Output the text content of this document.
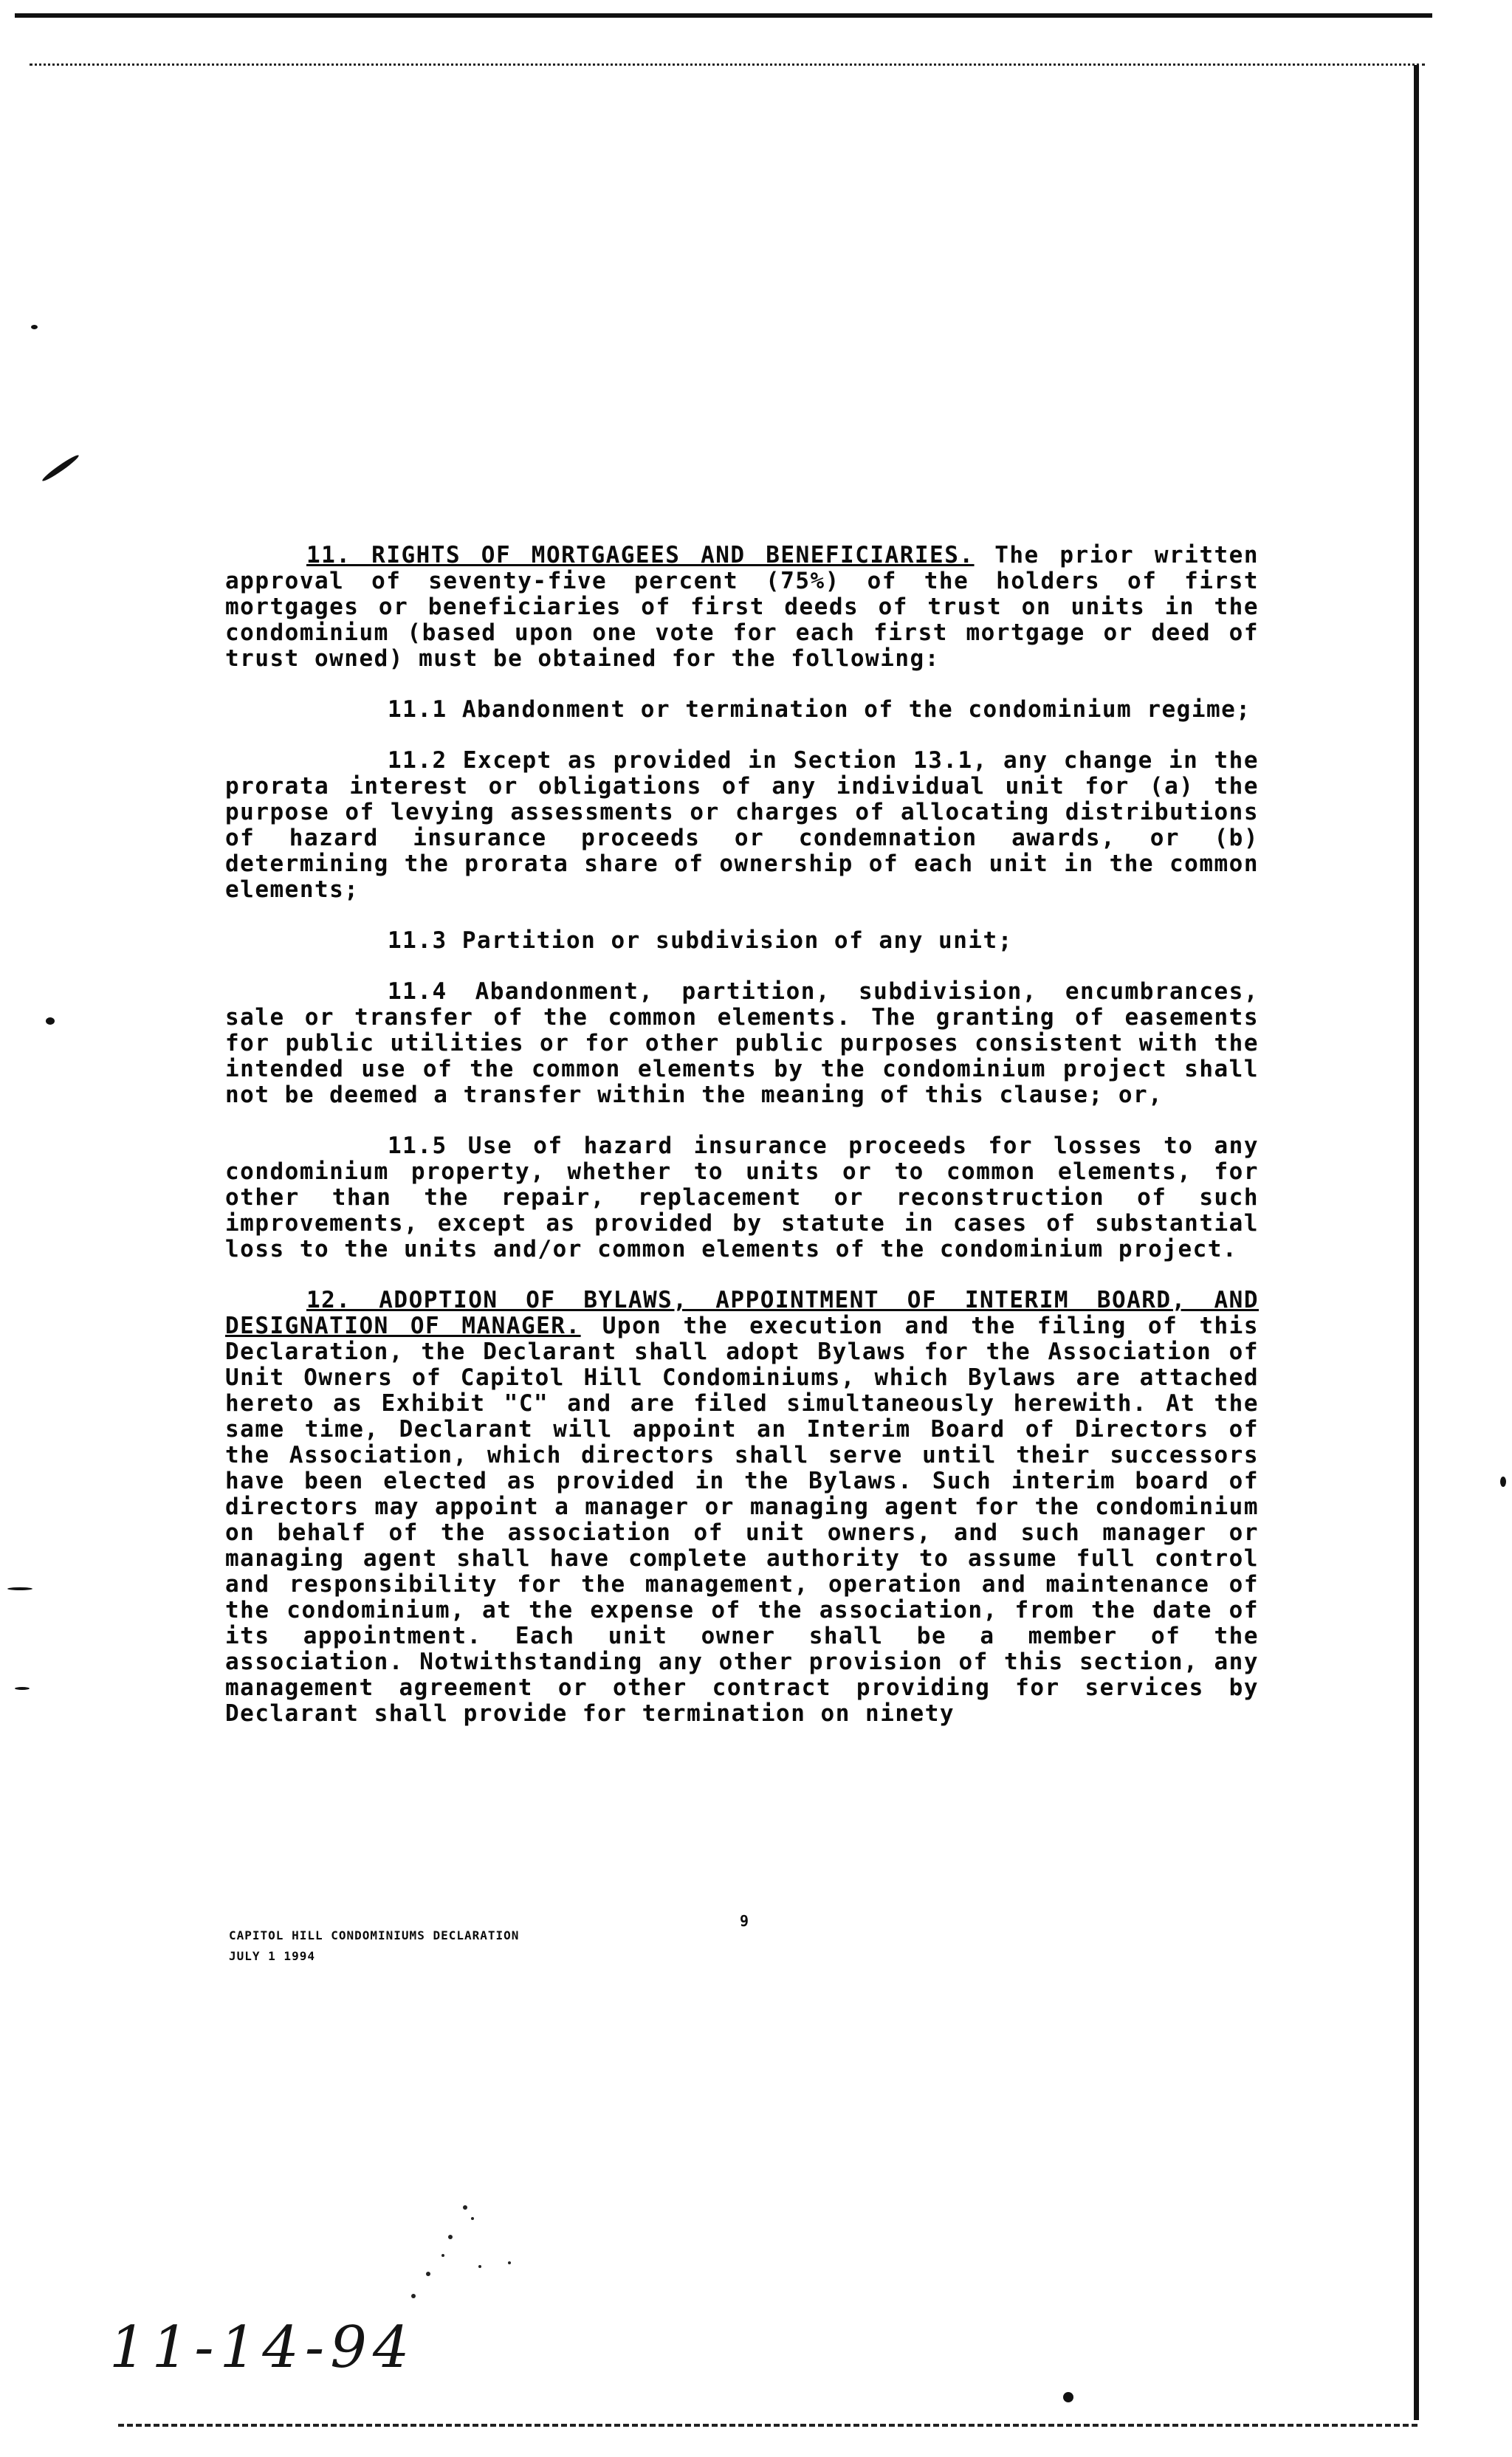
11. RIGHTS OF MORTGAGEES AND BENEFICIARIES. The prior written approval of seventy-five percent (75%) of the holders of first mortgages or beneficiaries of first deeds of trust on units in the condominium (based upon one vote for each first mortgage or deed of trust owned) must be obtained for the following:

11.1 Abandonment or termination of the condominium regime;

11.2 Except as provided in Section 13.1, any change in the prorata interest or obligations of any individual unit for (a) the purpose of levying assessments or charges of allocating distributions of hazard insurance proceeds or condemnation awards, or (b) determining the prorata share of ownership of each unit in the common elements;

11.3 Partition or subdivision of any unit;

11.4 Abandonment, partition, subdivision, encumbrances, sale or transfer of the common elements. The granting of easements for public utilities or for other public purposes consistent with the intended use of the common elements by the condominium project shall not be deemed a transfer within the meaning of this clause; or,

11.5 Use of hazard insurance proceeds for losses to any condominium property, whether to units or to common elements, for other than the repair, replacement or reconstruction of such improvements, except as provided by statute in cases of substantial loss to the units and/or common elements of the condominium project.

12. ADOPTION OF BYLAWS, APPOINTMENT OF INTERIM BOARD, AND DESIGNATION OF MANAGER. Upon the execution and the filing of this Declaration, the Declarant shall adopt Bylaws for the Association of Unit Owners of Capitol Hill Condominiums, which Bylaws are attached hereto as Exhibit "C" and are filed simultaneously herewith. At the same time, Declarant will appoint an Interim Board of Directors of the Association, which directors shall serve until their successors have been elected as provided in the Bylaws. Such interim board of directors may appoint a manager or managing agent for the condominium on behalf of the association of unit owners, and such manager or managing agent shall have complete authority to assume full control and responsibility for the management, operation and maintenance of the condominium, at the expense of the association, from the date of its appointment. Each unit owner shall be a member of the association. Notwithstanding any other provision of this section, any management agreement or other contract providing for services by Declarant shall provide for termination on ninety

9
CAPITOL HILL CONDOMINIUMS DECLARATION
JULY 1 1994
11-14-94
